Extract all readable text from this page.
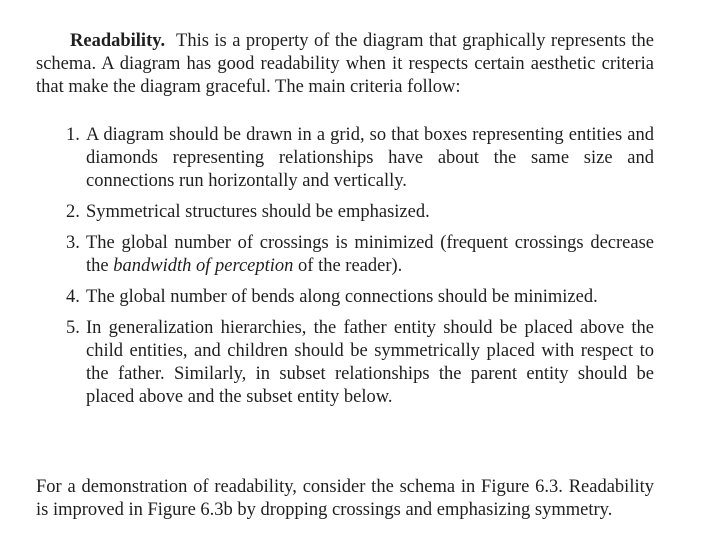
Readability. This is a property of the diagram that graphically represents the schema. A diagram has good readability when it respects certain aesthetic criteria that make the diagram graceful. The main criteria follow:

1. A diagram should be drawn in a grid, so that boxes representing entities and diamonds representing relationships have about the same size and connections run horizontally and vertically.
2. Symmetrical structures should be emphasized.
3. The global number of crossings is minimized (frequent crossings decrease the bandwidth of perception of the reader).
4. The global number of bends along connections should be minimized.
5. In generalization hierarchies, the father entity should be placed above the child entities, and children should be symmetrically placed with respect to the father. Similarly, in subset relationships the parent entity should be placed above and the subset entity below.

For a demonstration of readability, consider the schema in Figure 6.3. Readability is improved in Figure 6.3b by dropping crossings and emphasizing symmetry.
